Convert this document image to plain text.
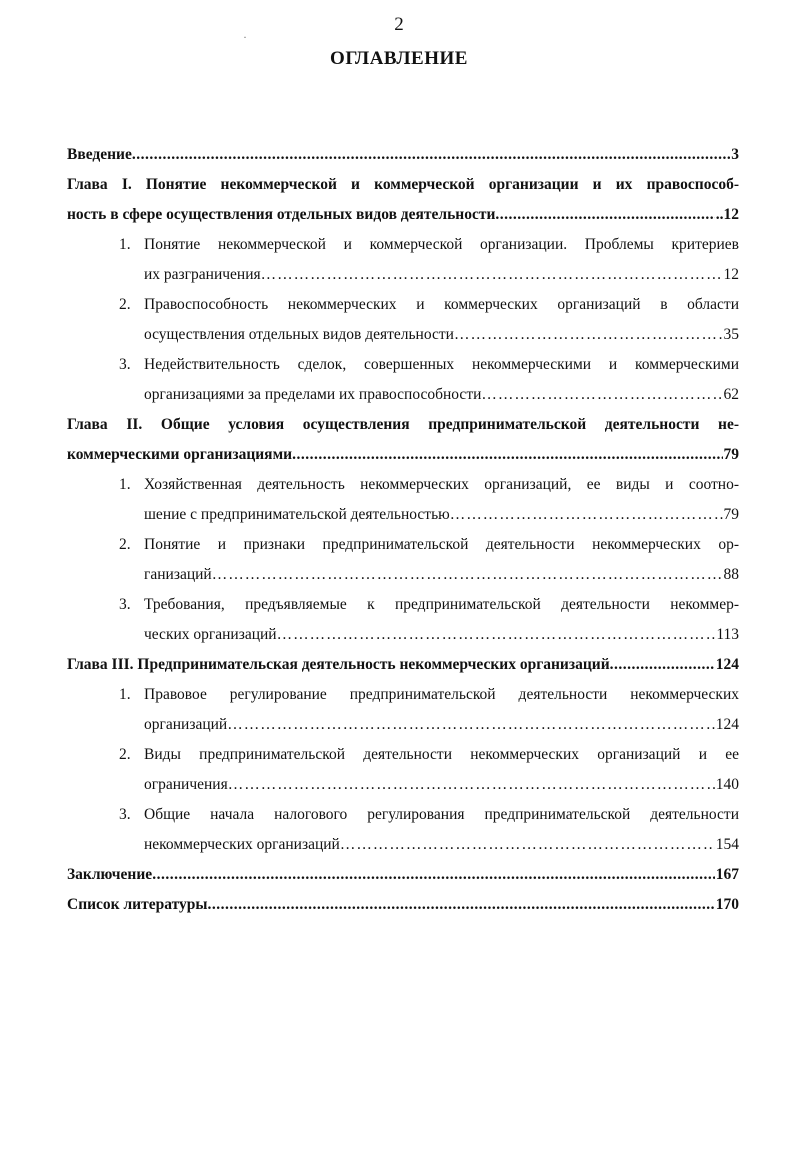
2
ОГЛАВЛЕНИЕ
·
Введение .....	3
Глава I. Понятие некоммерческой и коммерческой организации и их правоспособ-
ность в сфере осуществления отдельных видов деятельности .....	..12
1. Понятие некоммерческой и коммерческой организации. Проблемы критериев
их разграничения …………………………………………………………………………………………………………………………………………………………………	12
2. Правоспособность некоммерческих и коммерческих организаций в области
осуществления отдельных видов деятельности …………………………………………………………………………………………………………………………………………………………………	35
3. Недействительность сделок, совершенных некоммерческими и коммерческими
организациями за пределами их правоспособности …………………………………………………………………………………………………………………………………………………………………	62
Глава II. Общие условия осуществления предпринимательской деятельности не-
коммерческими организациями .....	79
1. Хозяйственная деятельность некоммерческих организаций, ее виды и соотно-
шение с предпринимательской деятельностью …………………………………………………………………………………………………………………………………………………………………	79
2. Понятие и признаки предпринимательской деятельности некоммерческих ор-
ганизаций …………………………………………………………………………………………………………………………………………………………………	88
3. Требования, предъявляемые к предпринимательской деятельности некоммер-
ческих организаций …………………………………………………………………………………………………………………………………………………………………	113
Глава III. Предпринимательская деятельность некоммерческих организаций .....	124
1. Правовое регулирование предпринимательской деятельности некоммерческих
организаций …………………………………………………………………………………………………………………………………………………………………	124
2. Виды предпринимательской деятельности некоммерческих организаций и ее
ограничения …………………………………………………………………………………………………………………………………………………………………	140
3. Общие начала налогового регулирования предпринимательской деятельности
некоммерческих организаций …………………………………………………………………………………………………………………………………………………………………	154
Заключение .....	167
Список литературы .....	170
